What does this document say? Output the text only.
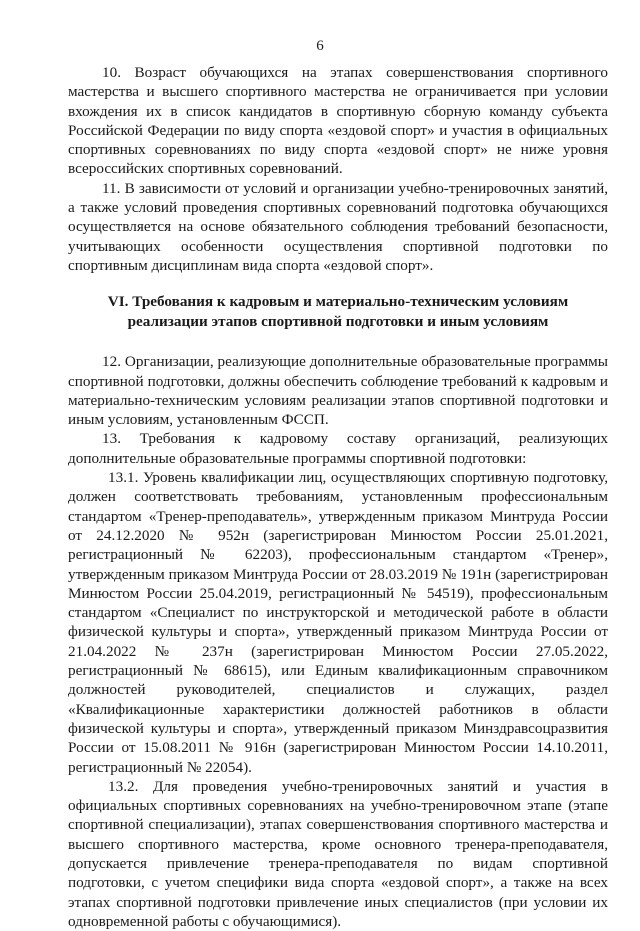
6

10. Возраст обучающихся на этапах совершенствования спортивного мастерства и высшего спортивного мастерства не ограничивается при условии вхождения их в список кандидатов в спортивную сборную команду субъекта Российской Федерации по виду спорта «ездовой спорт» и участия в официальных спортивных соревнованиях по виду спорта «ездовой спорт» не ниже уровня всероссийских спортивных соревнований.

11. В зависимости от условий и организации учебно-тренировочных занятий, а также условий проведения спортивных соревнований подготовка обучающихся осуществляется на основе обязательного соблюдения требований безопасности, учитывающих особенности осуществления спортивной подготовки по спортивным дисциплинам вида спорта «ездовой спорт».

VI. Требования к кадровым и материально-техническим условиям реализации этапов спортивной подготовки и иным условиям

12. Организации, реализующие дополнительные образовательные программы спортивной подготовки, должны обеспечить соблюдение требований к кадровым и материально-техническим условиям реализации этапов спортивной подготовки и иным условиям, установленным ФССП.

13. Требования к кадровому составу организаций, реализующих дополнительные образовательные программы спортивной подготовки:

13.1. Уровень квалификации лиц, осуществляющих спортивную подготовку, должен соответствовать требованиям, установленным профессиональным стандартом «Тренер-преподаватель», утвержденным приказом Минтруда России от 24.12.2020 № 952н (зарегистрирован Минюстом России 25.01.2021, регистрационный № 62203), профессиональным стандартом «Тренер», утвержденным приказом Минтруда России от 28.03.2019 № 191н (зарегистрирован Минюстом России 25.04.2019, регистрационный № 54519), профессиональным стандартом «Специалист по инструкторской и методической работе в области физической культуры и спорта», утвержденный приказом Минтруда России от 21.04.2022 № 237н (зарегистрирован Минюстом России 27.05.2022, регистрационный № 68615), или Единым квалификационным справочником должностей руководителей, специалистов и служащих, раздел «Квалификационные характеристики должностей работников в области физической культуры и спорта», утвержденный приказом Минздравсоцразвития России от 15.08.2011 № 916н (зарегистрирован Минюстом России 14.10.2011, регистрационный № 22054).

13.2. Для проведения учебно-тренировочных занятий и участия в официальных спортивных соревнованиях на учебно-тренировочном этапе (этапе спортивной специализации), этапах совершенствования спортивного мастерства и высшего спортивного мастерства, кроме основного тренера-преподавателя, допускается привлечение тренера-преподавателя по видам спортивной подготовки, с учетом специфики вида спорта «ездовой спорт», а также на всех этапах спортивной подготовки привлечение иных специалистов (при условии их одновременной работы с обучающимися).
